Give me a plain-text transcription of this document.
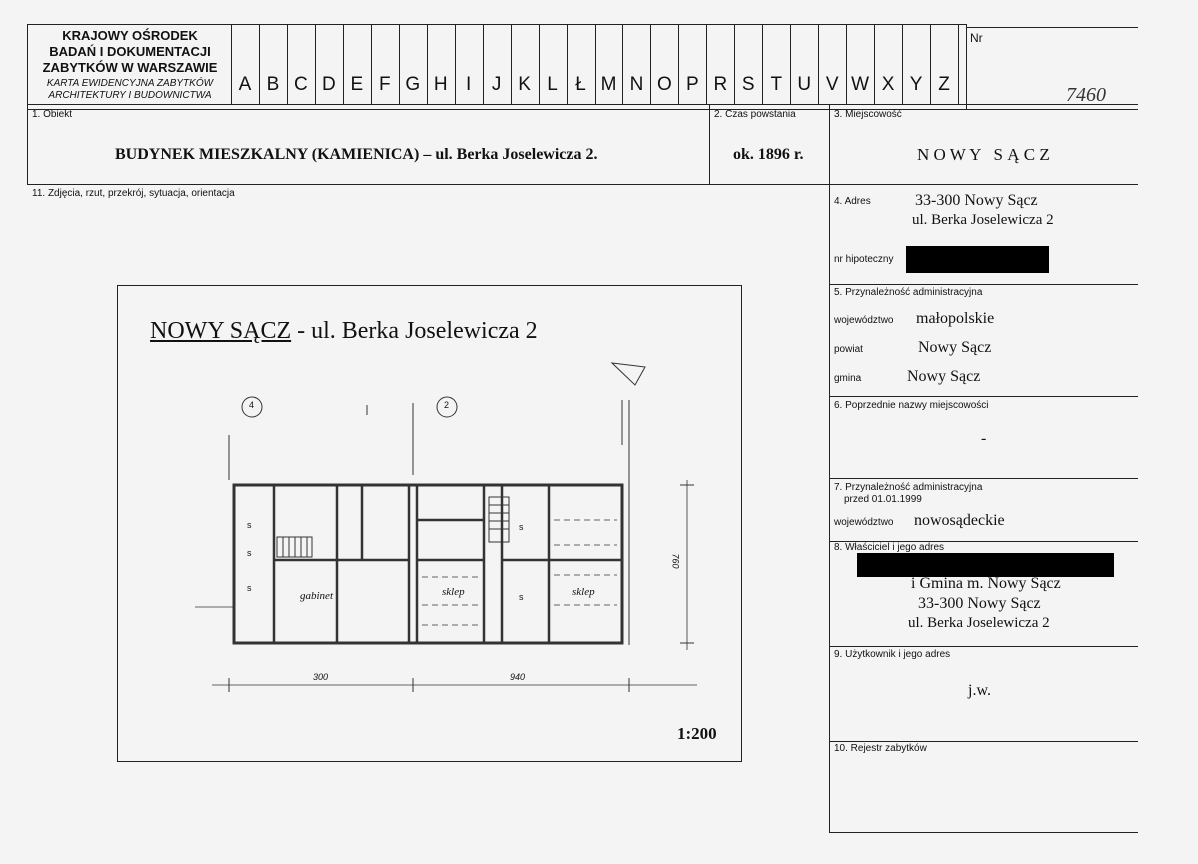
KRAJOWY OŚRODEK
BADAŃ I DOKUMENTACJI
ZABYTKÓW W WARSZAWIE
KARTA EWIDENCYJNA ZABYTKÓW
ARCHITEKTURY I BUDOWNICTWA
A B C D E F G H I	J K L Ł M N O P R S T U V W X Y Z
Nr
7460
1. Obiekt
BUDYNEK MIESZKALNY (KAMIENICA) – ul. Berka Joselewicza 2.
2. Czas powstania
ok. 1896 r.
3. Miejscowość
N O W Y   S Ą C Z
11. Zdjęcia, rzut, przekrój, sytuacja, orientacja
4. Adres	33-300 Nowy Sącz
ul. Berka Joselewicza 2
nr hipoteczny
5. Przynależność administracyjna
województwo małopolskie
powiat	Nowy Sącz
gmina	Nowy Sącz
6. Poprzednie nazwy miejscowości
-
7. Przynależność administracyjna
przed 01.01.1999
województwo nowosądeckie
8. Właściciel i jego adres
i Gmina m. Nowy Sącz
33-300 Nowy Sącz
ul. Berka Joselewicza 2
9. Użytkownik i jego adres
j.w.
10. Rejestr zabytków
NOWY SĄCZ - ul. Berka Joselewicza 2
4	2
gabinet	sklep	sklep
s
s
s
s
s
300	940
760
1:200
